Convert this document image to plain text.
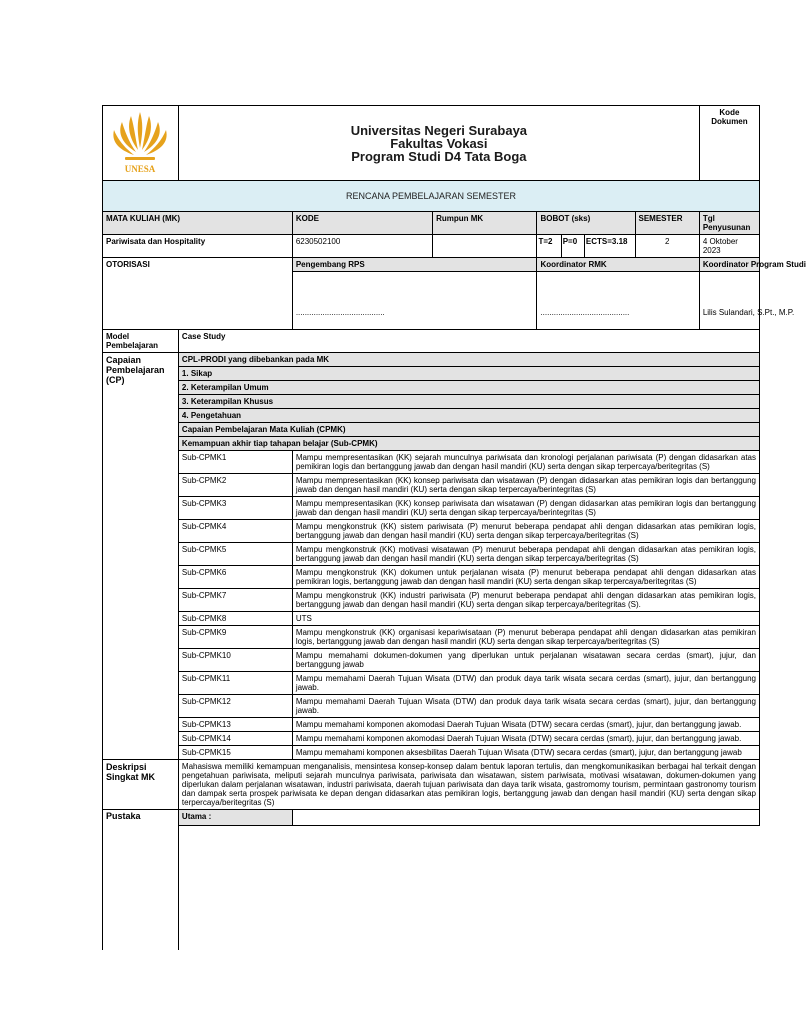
UNESA	Universitas Negeri Surabaya
Fakultas Vokasi
Program Studi D4 Tata Boga							Kode Dokumen
RENCANA PEMBELAJARAN SEMESTER								
MATA KULIAH (MK)		KODE	Rumpun MK	BOBOT (sks)			SEMESTER	Tgl Penyusunan
Pariwisata dan Hospitality		6230502100		T=2	P=0	ECTS=3.18	2	4 Oktober 2023
OTORISASI		Pengembang RPS		Koordinator RMK				Koordinator Program Studi
		........................................		........................................				Lilis Sulandari, S.Pt., M.P.
Model Pembelajaran	Case Study							
Capaian Pembelajaran (CP)	CPL-PRODI yang dibebankan pada MK							
	1. Sikap							
	2. Keterampilan Umum							
	3. Keterampilan Khusus							
	4. Pengetahuan							
	Capaian Pembelajaran Mata Kuliah (CPMK)							
	Kemampuan akhir tiap tahapan belajar (Sub-CPMK)							
	Sub-CPMK1	Mampu mempresentasikan (KK) sejarah munculnya pariwisata dan kronologi perjalanan pariwisata (P) dengan didasarkan atas pemikiran logis dan bertanggung jawab dan dengan hasil mandiri (KU) serta dengan sikap terpercaya/beritegritas (S)						
	Sub-CPMK2	Mampu mempresentasikan (KK) konsep pariwisata dan wisatawan (P) dengan didasarkan atas pemikiran logis dan bertanggung jawab dan dengan hasil mandiri (KU) serta dengan sikap terpercaya/berintegritas (S)						
	Sub-CPMK3	Mampu mempresentasikan (KK) konsep pariwisata dan wisatawan (P) dengan didasarkan atas pemikiran logis dan bertanggung jawab dan dengan hasil mandiri (KU) serta dengan sikap terpercaya/berintegritas (S)						
	Sub-CPMK4	Mampu mengkonstruk (KK) sistem pariwisata (P) menurut beberapa pendapat ahli dengan didasarkan atas pemikiran logis, bertanggung jawab dan dengan hasil mandiri (KU) serta dengan sikap terpercaya/beritegritas (S)						
	Sub-CPMK5	Mampu mengkonstruk (KK) motivasi wisatawan (P) menurut beberapa pendapat ahli dengan didasarkan atas pemikiran logis, bertanggung jawab dan dengan hasil mandiri (KU) serta dengan sikap terpercaya/beritegritas (S)						
	Sub-CPMK6	Mampu mengkonstruk (KK) dokumen untuk perjalanan wisata (P) menurut beberapa pendapat ahli dengan didasarkan atas pemikiran logis, bertanggung jawab dan dengan hasil mandiri (KU) serta dengan sikap terpercaya/beritegritas (S)						
	Sub-CPMK7	Mampu mengkonstruk (KK) industri pariwisata (P) menurut beberapa pendapat ahli dengan didasarkan atas pemikiran logis, bertanggung jawab dan dengan hasil mandiri (KU) serta dengan sikap terpercaya/beritegritas (S).						
	Sub-CPMK8	UTS						
	Sub-CPMK9	Mampu mengkonstruk (KK) organisasi kepariwisataan (P) menurut beberapa pendapat ahli dengan didasarkan atas pemikiran logis, bertanggung jawab dan dengan hasil mandiri (KU) serta dengan sikap terpercaya/beritegritas (S)						
	Sub-CPMK10	Mampu memahami dokumen-dokumen yang diperlukan untuk perjalanan wisatawan secara cerdas (smart), jujur, dan bertanggung jawab						
	Sub-CPMK11	Mampu memahami Daerah Tujuan Wisata (DTW) dan produk daya tarik wisata secara cerdas (smart), jujur, dan bertanggung jawab.						
	Sub-CPMK12	Mampu memahami Daerah Tujuan Wisata (DTW) dan produk daya tarik wisata secara cerdas (smart), jujur, dan bertanggung jawab.						
	Sub-CPMK13	Mampu memahami komponen akomodasi Daerah Tujuan Wisata (DTW) secara cerdas (smart), jujur, dan bertanggung jawab.						
	Sub-CPMK14	Mampu memahami komponen akomodasi Daerah Tujuan Wisata (DTW) secara cerdas (smart), jujur, dan bertanggung jawab.						
	Sub-CPMK15	Mampu memahami komponen aksesbilitas Daerah Tujuan Wisata (DTW) secara cerdas (smart), jujur, dan bertanggung jawab						
Deskripsi Singkat MK	Mahasiswa memiliki kemampuan menganalisis, mensintesa konsep-konsep dalam bentuk laporan tertulis, dan mengkomunikasikan berbagai hal terkait dengan pengetahuan pariwisata, meliputi sejarah munculnya pariwisata, pariwisata dan wisatawan, sistem pariwisata, motivasi wisatawan, dokumen-dokumen yang diperlukan dalam perjalanan wisatawan, industri pariwisata, daerah tujuan pariwisata dan daya tarik wisata, gastromomy tourism, permintaan gastronomy tourism dan dampak serta prospek pariwisata ke depan dengan didasarkan atas pemikiran logis, bertanggung jawab dan dengan hasil mandiri (KU) serta dengan sikap terpercaya/beritegritas (S)							
Pustaka	Utama :							
